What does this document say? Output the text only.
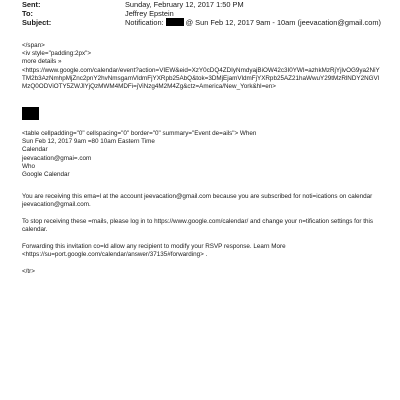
Sent:	Sunday, February 12, 2017 1:50 PM
To:	Jeffrey Epstein
Subject:	Notification:	@ Sun Feb 12, 2017 9am - 10am (jeevacation@gmail.com)

</span>

<iv style="padding:2px">

more details »

<https://www.google.com/calendar/event?action=VIEW&eid=XzY0cDQ4ZDIyNmdyajBiOW42c3I0YWI=azhkMzRjYjlvOG9ya2NiYTM2b3AzNmhpMjZnc2pnY2hvNmsgamVldmFjYXRpb25AbQ&tok=3DMjEjamVldmFjYXRpb25AZ21haWwuY29tMzRlNDY2NGVlMzQ0ODViOTY5ZWJlYjQzMWM4MDFi=jViNzg4M2M4Zg&ctz=America/New_York&hl=en>

<table cellpadding="0" cellspacing="0" border="0" summary="Event de=ails"> When

Sun Feb 12, 2017 9am =80 10am Eastern Time

Calendar

jeevacation@gmai=.com

Who

Google Calendar

You are receiving this ema=l at the account jeevacation@gmail.com because you are subscribed for noti=ications on calendar jeevacation@gmail.com.

To stop receiving these =mails, please log in to https://www.google.com/calendar/ and change your n=tification settings for this calendar.

Forwarding this invitation co=ld allow any recipient to modify your RSVP response. Learn More <https://su=port.google.com/calendar/answer/37135#forwarding> .

</tr>
